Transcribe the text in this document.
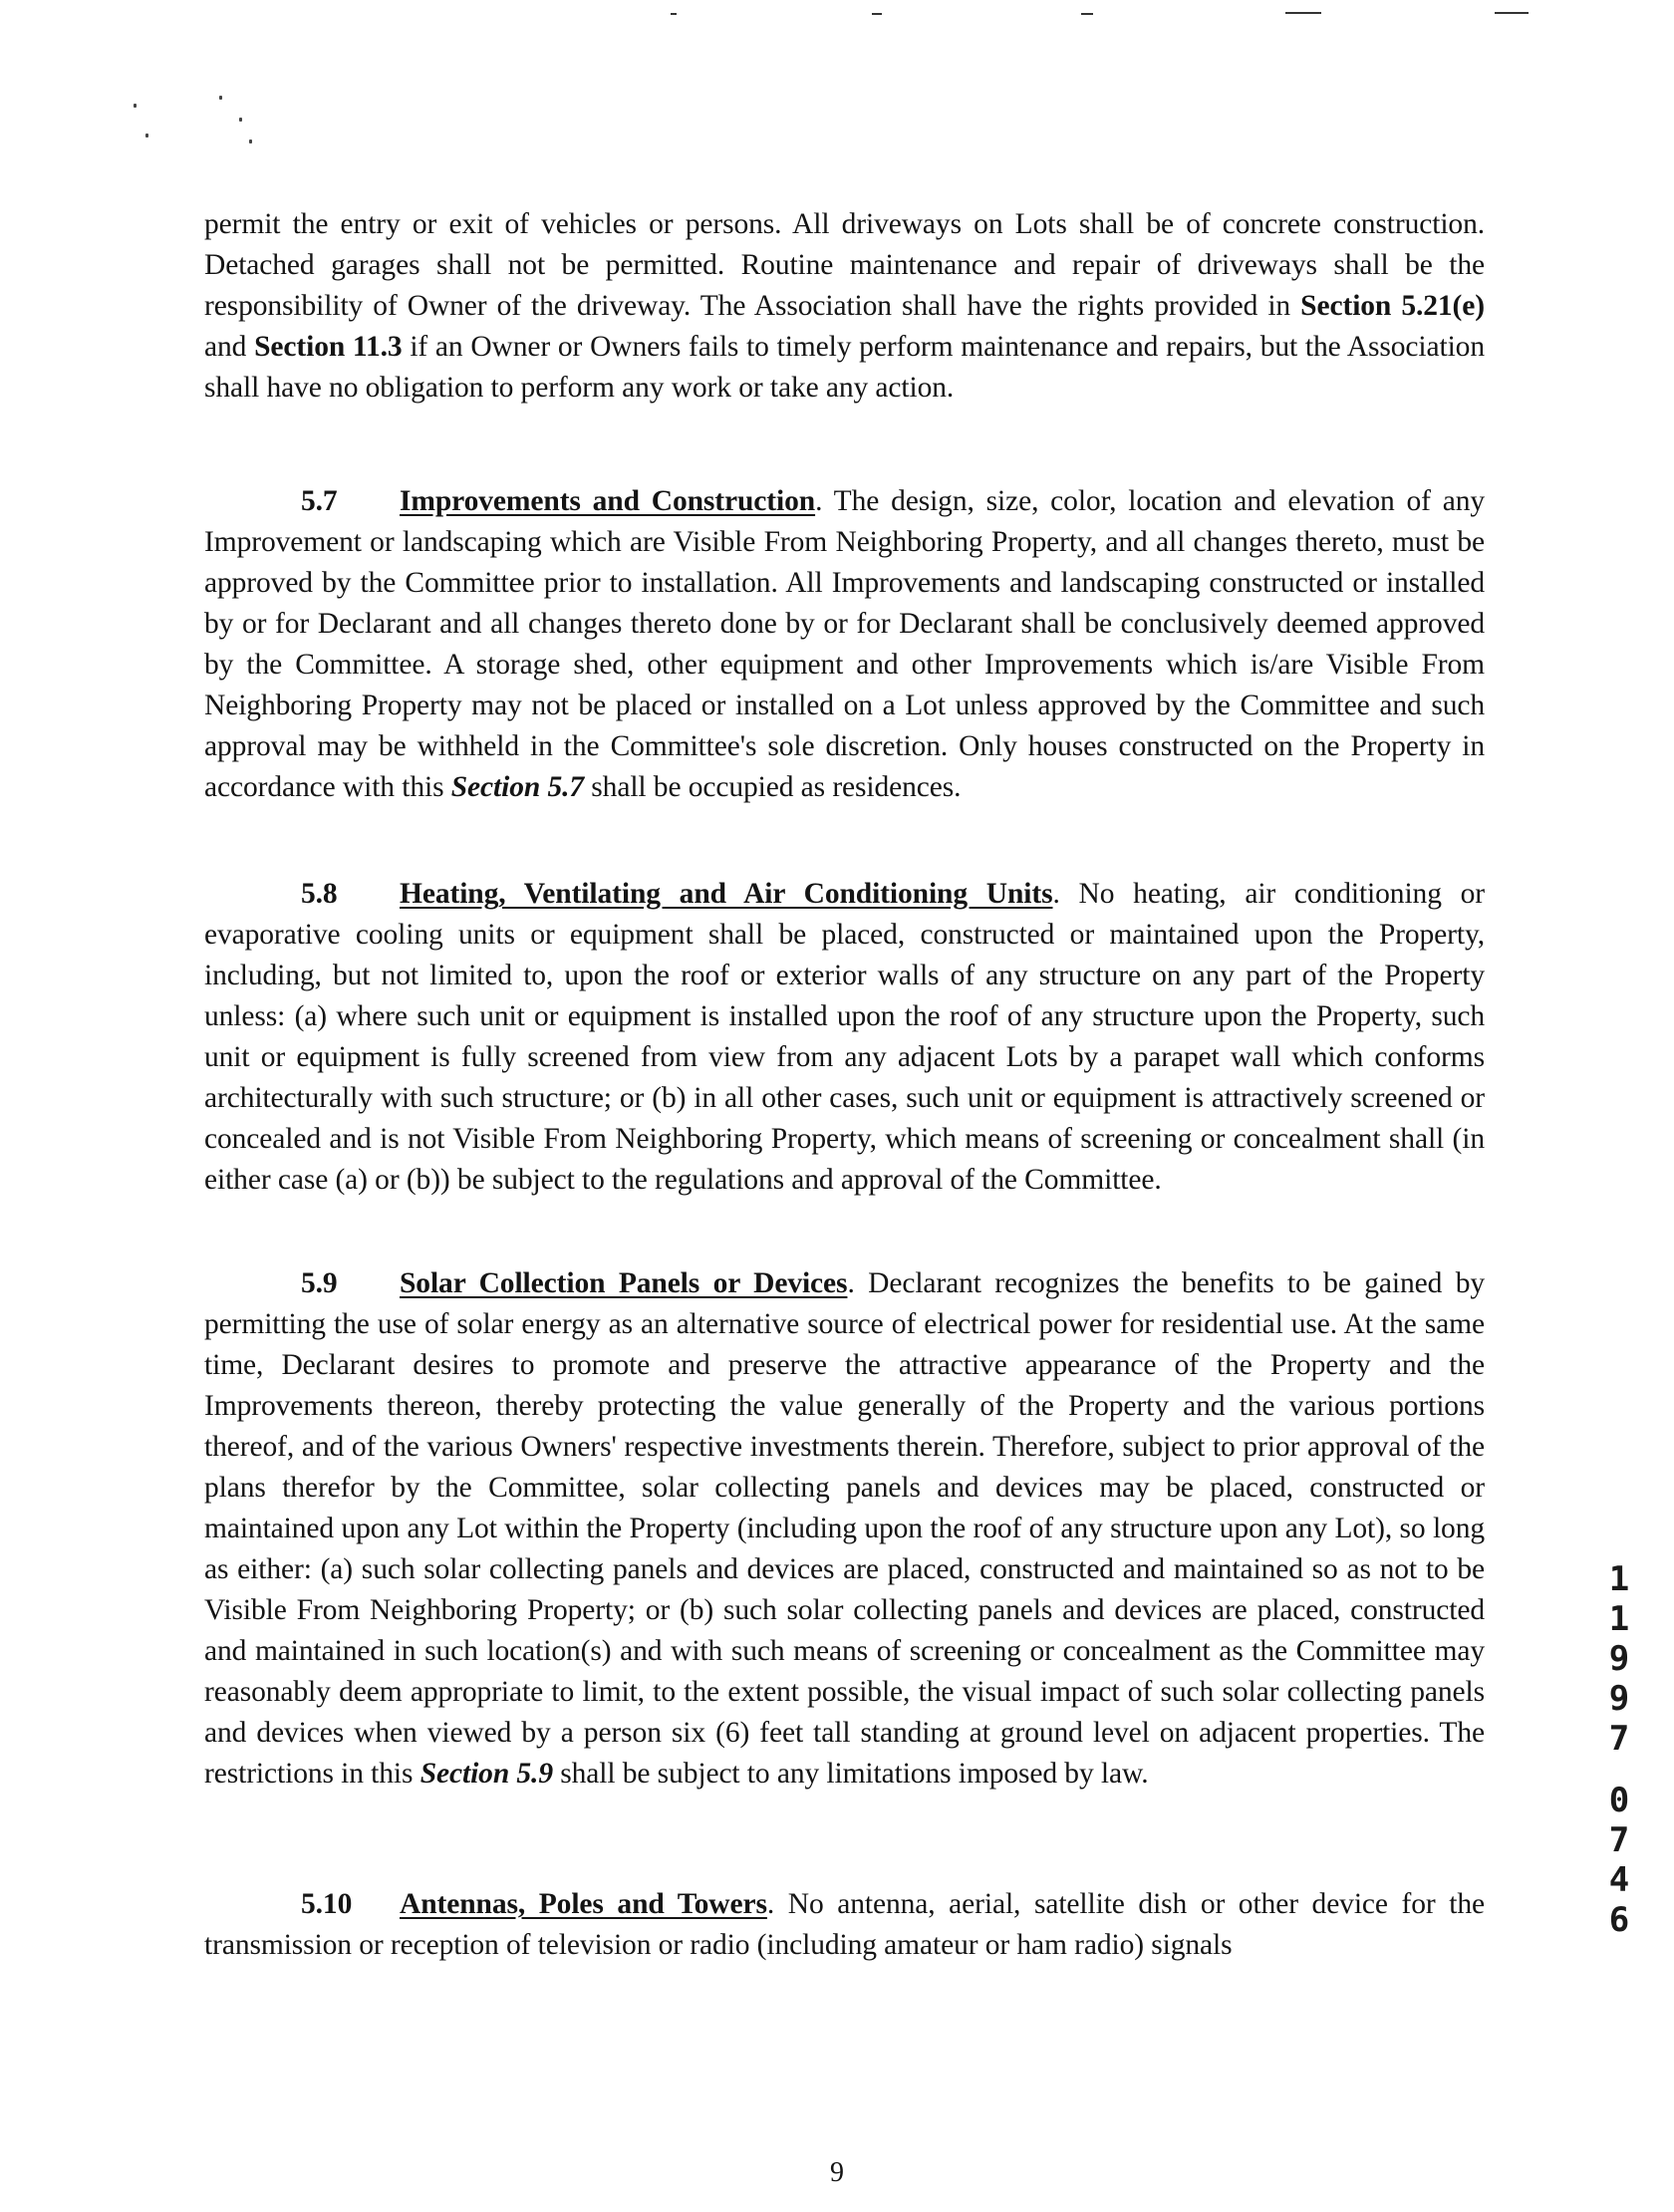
permit the entry or exit of vehicles or persons. All driveways on Lots shall be of concrete construction. Detached garages shall not be permitted. Routine maintenance and repair of driveways shall be the responsibility of Owner of the driveway. The Association shall have the rights provided in Section 5.21(e) and Section 11.3 if an Owner or Owners fails to timely perform maintenance and repairs, but the Association shall have no obligation to perform any work or take any action.

5.7 Improvements and Construction. The design, size, color, location and elevation of any Improvement or landscaping which are Visible From Neighboring Property, and all changes thereto, must be approved by the Committee prior to installation. All Improvements and landscaping constructed or installed by or for Declarant and all changes thereto done by or for Declarant shall be conclusively deemed approved by the Committee. A storage shed, other equipment and other Improvements which is/are Visible From Neighboring Property may not be placed or installed on a Lot unless approved by the Committee and such approval may be withheld in the Committee's sole discretion. Only houses constructed on the Property in accordance with this Section 5.7 shall be occupied as residences.

5.8 Heating, Ventilating and Air Conditioning Units. No heating, air conditioning or evaporative cooling units or equipment shall be placed, constructed or maintained upon the Property, including, but not limited to, upon the roof or exterior walls of any structure on any part of the Property unless: (a) where such unit or equipment is installed upon the roof of any structure upon the Property, such unit or equipment is fully screened from view from any adjacent Lots by a parapet wall which conforms architecturally with such structure; or (b) in all other cases, such unit or equipment is attractively screened or concealed and is not Visible From Neighboring Property, which means of screening or concealment shall (in either case (a) or (b)) be subject to the regulations and approval of the Committee.

5.9 Solar Collection Panels or Devices. Declarant recognizes the benefits to be gained by permitting the use of solar energy as an alternative source of electrical power for residential use. At the same time, Declarant desires to promote and preserve the attractive appearance of the Property and the Improvements thereon, thereby protecting the value generally of the Property and the various portions thereof, and of the various Owners' respective investments therein. Therefore, subject to prior approval of the plans therefor by the Committee, solar collecting panels and devices may be placed, constructed or maintained upon any Lot within the Property (including upon the roof of any structure upon any Lot), so long as either: (a) such solar collecting panels and devices are placed, constructed and maintained so as not to be Visible From Neighboring Property; or (b) such solar collecting panels and devices are placed, constructed and maintained in such location(s) and with such means of screening or concealment as the Committee may reasonably deem appropriate to limit, to the extent possible, the visual impact of such solar collecting panels and devices when viewed by a person six (6) feet tall standing at ground level on adjacent properties. The restrictions in this Section 5.9 shall be subject to any limitations imposed by law.

5.10 Antennas, Poles and Towers. No antenna, aerial, satellite dish or other device for the transmission or reception of television or radio (including amateur or ham radio) signals

1
1
9
9
7
0
7
4
6
9
